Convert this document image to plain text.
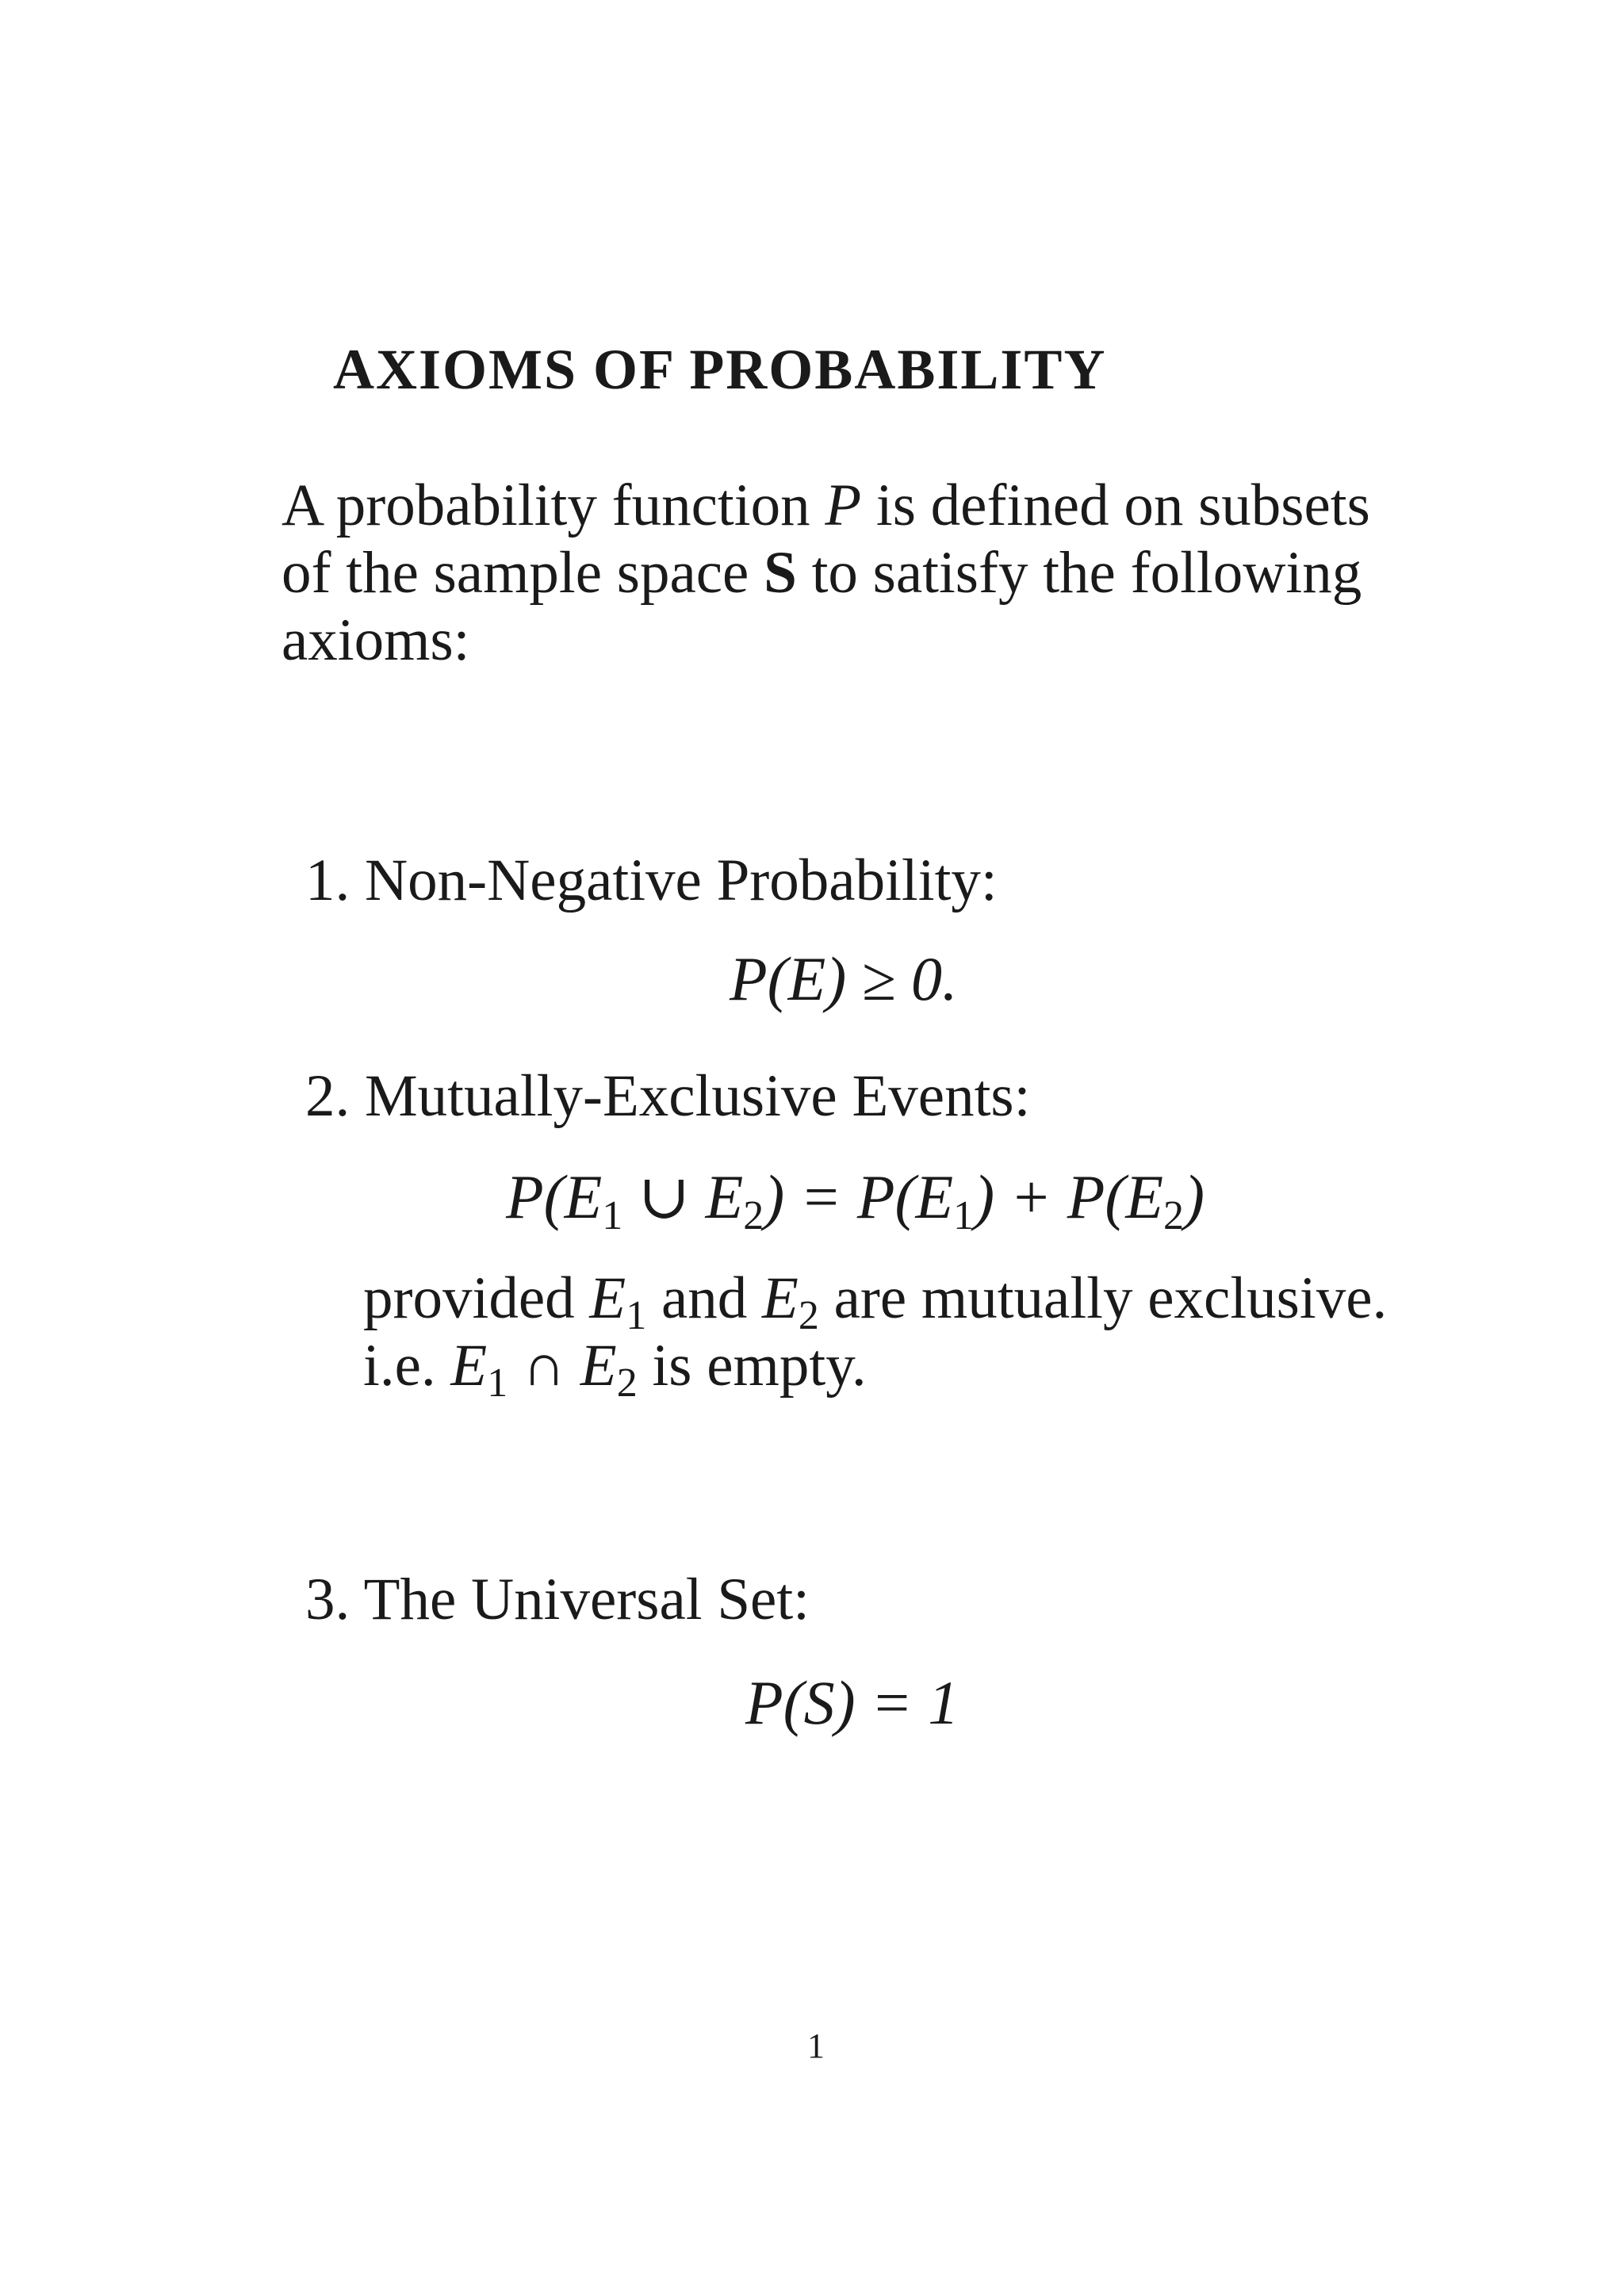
AXIOMS OF PROBABILITY
A probability function P is defined on subsets
of the sample space S to satisfy the following
axioms:
1. Non-Negative Probability:
P(E) ≥ 0.
2. Mutually-Exclusive Events:
$P(E_1$ ∪ $E_2) = P(E_1) + P(E_2)$
provided $E_1$ and $E_2$ are mutually exclusive.
i.e. $E_1$ ∩ $E_2$ is empty.
3. The Universal Set:
P(S) = 1
1
